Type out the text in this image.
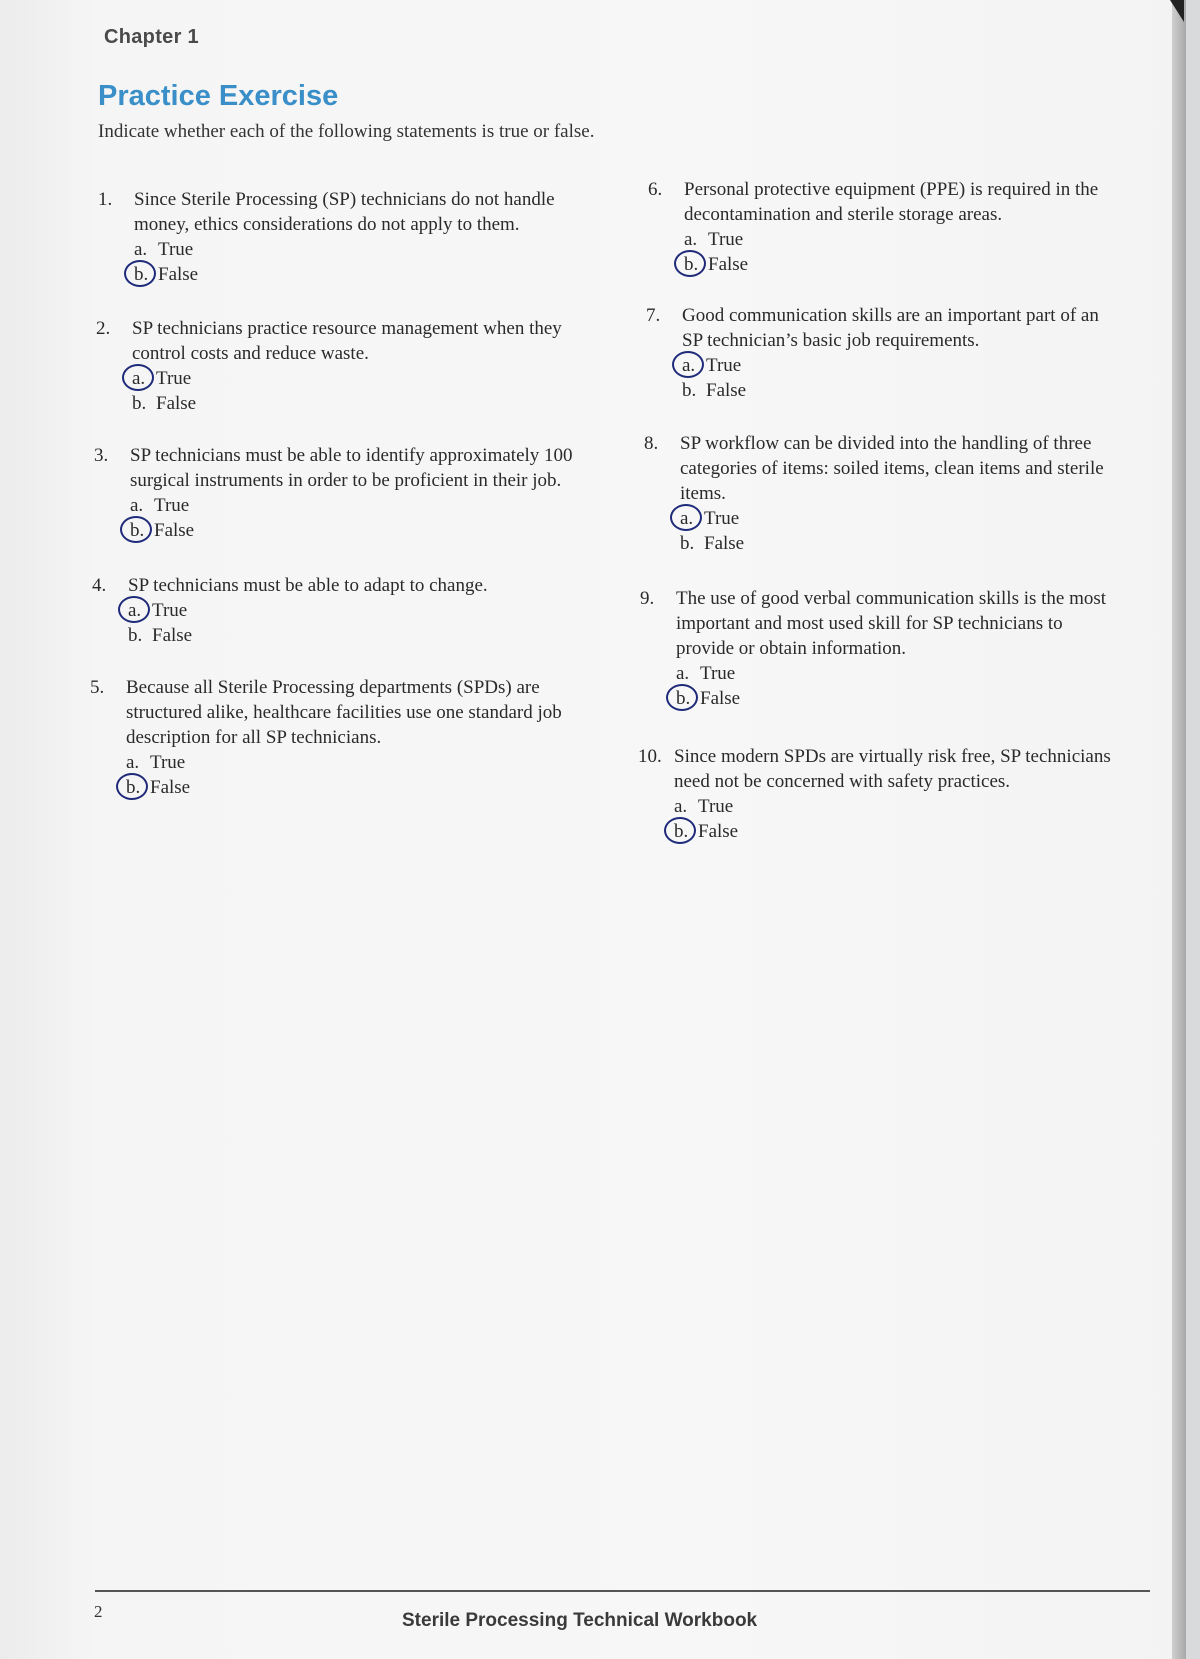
Chapter 1
Practice Exercise
Indicate whether each of the following statements is true or false.
1. Since Sterile Processing (SP) technicians do not handle
money, ethics considerations do not apply to them.
a. True
b. False
2. SP technicians practice resource management when they
control costs and reduce waste.
a. True
b. False
3. SP technicians must be able to identify approximately 100
surgical instruments in order to be proficient in their job.
a. True
b. False
4. SP technicians must be able to adapt to change.
a. True
b. False
5. Because all Sterile Processing departments (SPDs) are
structured alike, healthcare facilities use one standard job
description for all SP technicians.
a. True
b. False
6. Personal protective equipment (PPE) is required in the
decontamination and sterile storage areas.
a. True
b. False
7. Good communication skills are an important part of an
SP technician’s basic job requirements.
a. True
b. False
8. SP workflow can be divided into the handling of three
categories of items: soiled items, clean items and sterile
items.
a. True
b. False
9. The use of good verbal communication skills is the most
important and most used skill for SP technicians to
provide or obtain information.
a. True
b. False
10. Since modern SPDs are virtually risk free, SP technicians
need not be concerned with safety practices.
a. True
b. False
2	Sterile Processing Technical Workbook
